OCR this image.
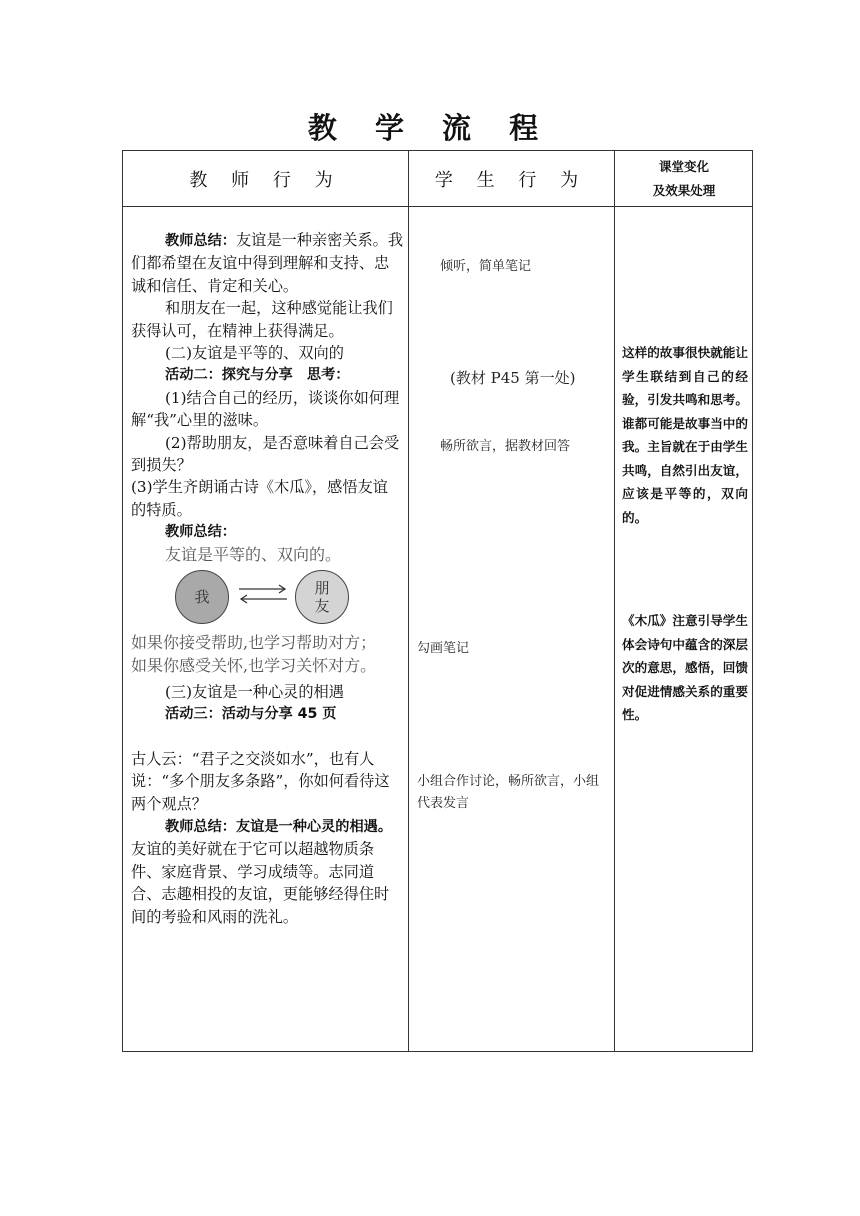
教 学 流 程
教 师 行 为	学 生 行 为
课堂变化
及效果处理

教师总结：友谊是一种亲密关系。我们都希望在友谊中得到理解和支持、忠诚和信任、肯定和关心。

和朋友在一起，这种感觉能让我们获得认可，在精神上获得满足。

(二)友谊是平等的、双向的

活动二：探究与分享　思考：

(1)结合自己的经历，谈谈你如何理解“我”心里的滋味。

(2)帮助朋友，是否意味着自己会受到损失？

(3)学生齐朗诵古诗《木瓜》，感悟友谊的特质。

教师总结：

友谊是平等的、双向的。

我	朋
友

如果你接受帮助,也学习帮助对方；

如果你感受关怀,也学习关怀对方。

(三)友谊是一种心灵的相遇

活动三：活动与分享 45 页

古人云：“君子之交淡如水”，也有人说：“多个朋友多条路”，你如何看待这两个观点？

教师总结：友谊是一种心灵的相遇。友谊的美好就在于它可以超越物质条件、家庭背景、学习成绩等。志同道合、志趣相投的友谊，更能够经得住时间的考验和风雨的洗礼。

倾听，简单笔记
(教材 P45 第一处)
畅所欲言，据教材回答
勾画笔记
小组合作讨论，畅所欲言，小组代表发言
这样的故事很快就能让学生联结到自己的经验，引发共鸣和思考。谁都可能是故事当中的我。主旨就在于由学生共鸣，自然引出友谊，应该是平等的，双向的。
《木瓜》注意引导学生体会诗句中蕴含的深层次的意思，感悟，回馈对促进情感关系的重要性。
